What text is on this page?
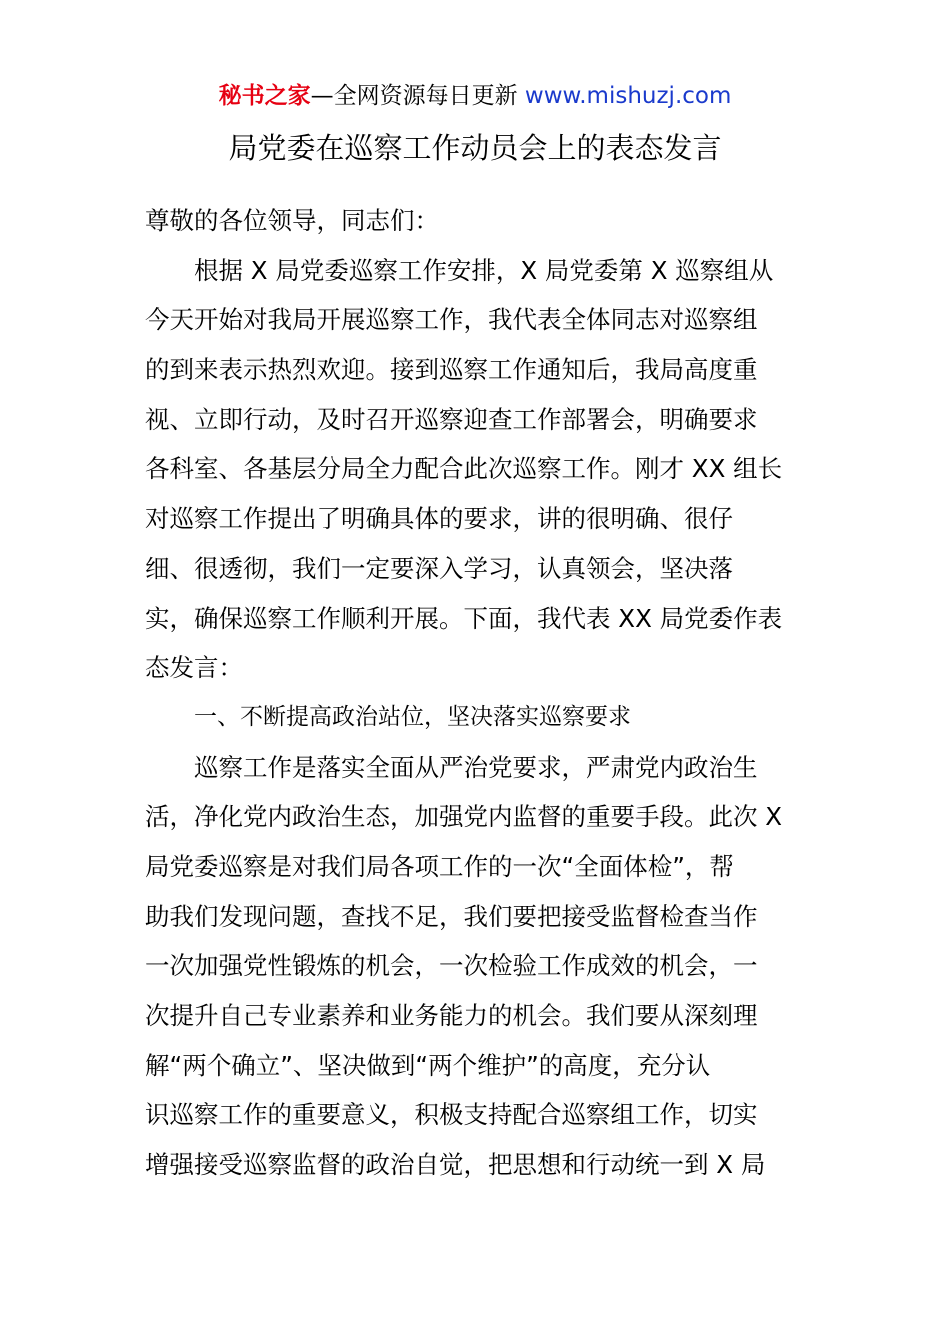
秘书之家—全网资源每日更新 www.mishuzj.com
局党委在巡察工作动员会上的表态发言
尊敬的各位领导，同志们：
根据 X 局党委巡察工作安排，X 局党委第 X 巡察组从
今天开始对我局开展巡察工作，我代表全体同志对巡察组
的到来表示热烈欢迎。接到巡察工作通知后，我局高度重
视、立即行动，及时召开巡察迎查工作部署会，明确要求
各科室、各基层分局全力配合此次巡察工作。刚才 XX 组长
对巡察工作提出了明确具体的要求，讲的很明确、很仔
细、很透彻，我们一定要深入学习，认真领会，坚决落
实，确保巡察工作顺利开展。下面，我代表 XX 局党委作表
态发言：
一、不断提高政治站位，坚决落实巡察要求
巡察工作是落实全面从严治党要求，严肃党内政治生
活，净化党内政治生态，加强党内监督的重要手段。此次 X
局党委巡察是对我们局各项工作的一次“全面体检”，帮
助我们发现问题，查找不足，我们要把接受监督检查当作
一次加强党性锻炼的机会，一次检验工作成效的机会，一
次提升自己专业素养和业务能力的机会。我们要从深刻理
解“两个确立”、坚决做到“两个维护”的高度，充分认
识巡察工作的重要意义，积极支持配合巡察组工作，切实
增强接受巡察监督的政治自觉，把思想和行动统一到 X 局
